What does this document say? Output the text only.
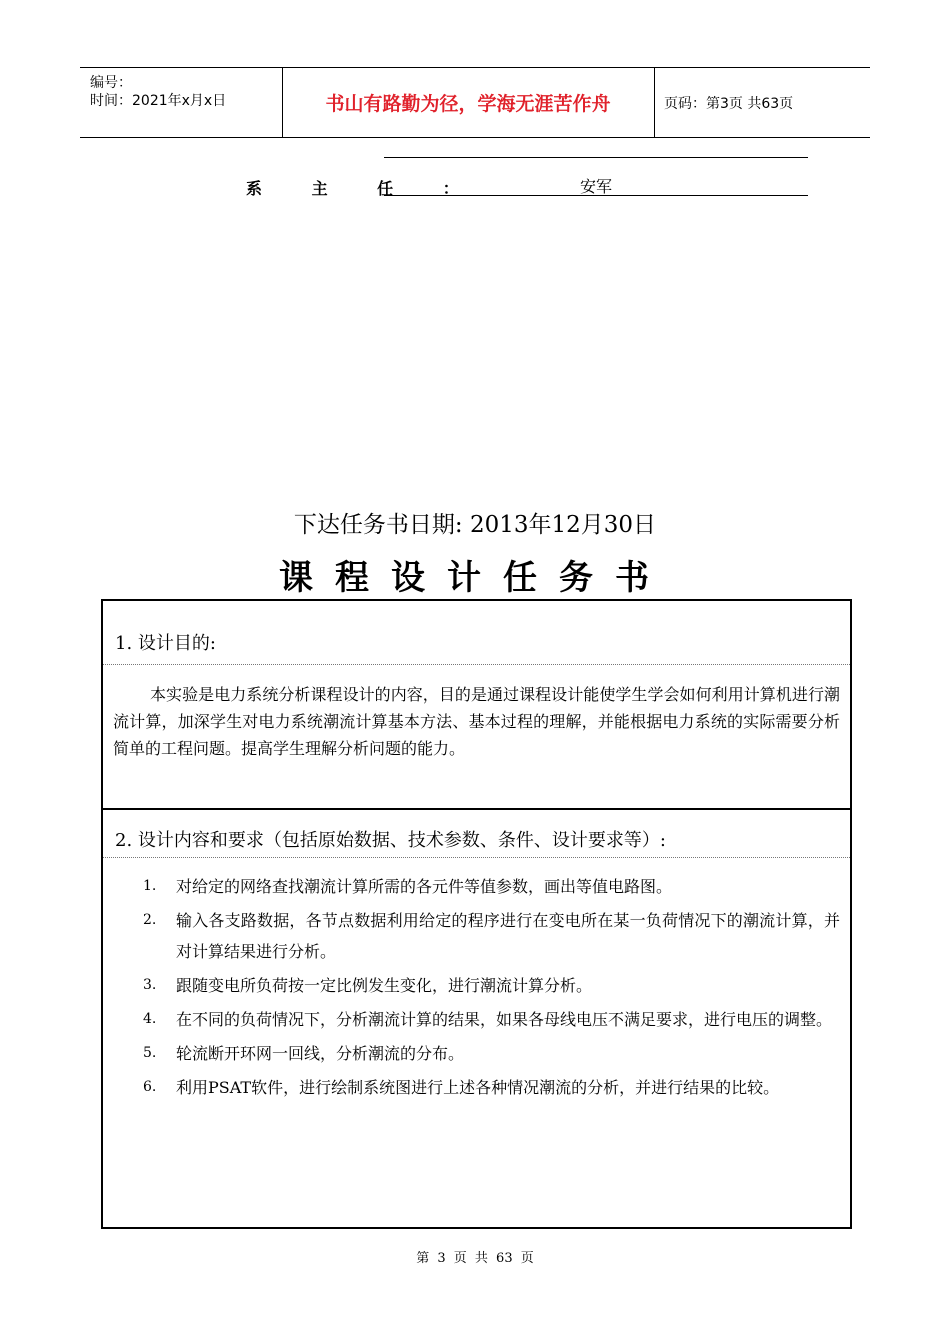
编号：
时间：2021年x月x日	书山有路勤为径，学海无涯苦作舟	页码：第3页 共63页
系 主 任 ：	安军
下达任务书日期: 2013年12月30日
课程设计任务书
1. 设计目的:
本实验是电力系统分析课程设计的内容，目的是通过课程设计能使学生学会如何利用计算机进行潮流计算，加深学生对电力系统潮流计算基本方法、基本过程的理解，并能根据电力系统的实际需要分析简单的工程问题。提高学生理解分析问题的能力。
2. 设计内容和要求（包括原始数据、技术参数、条件、设计要求等）:
1. 对给定的网络查找潮流计算所需的各元件等值参数，画出等值电路图。
2. 输入各支路数据，各节点数据利用给定的程序进行在变电所在某一负荷情况下的潮流计算，并对计算结果进行分析。
3. 跟随变电所负荷按一定比例发生变化，进行潮流计算分析。
4. 在不同的负荷情况下，分析潮流计算的结果，如果各母线电压不满足要求，进行电压的调整。
5. 轮流断开环网一回线，分析潮流的分布。
6. 利用PSAT软件，进行绘制系统图进行上述各种情况潮流的分析，并进行结果的比较。
第 3 页 共 63 页
